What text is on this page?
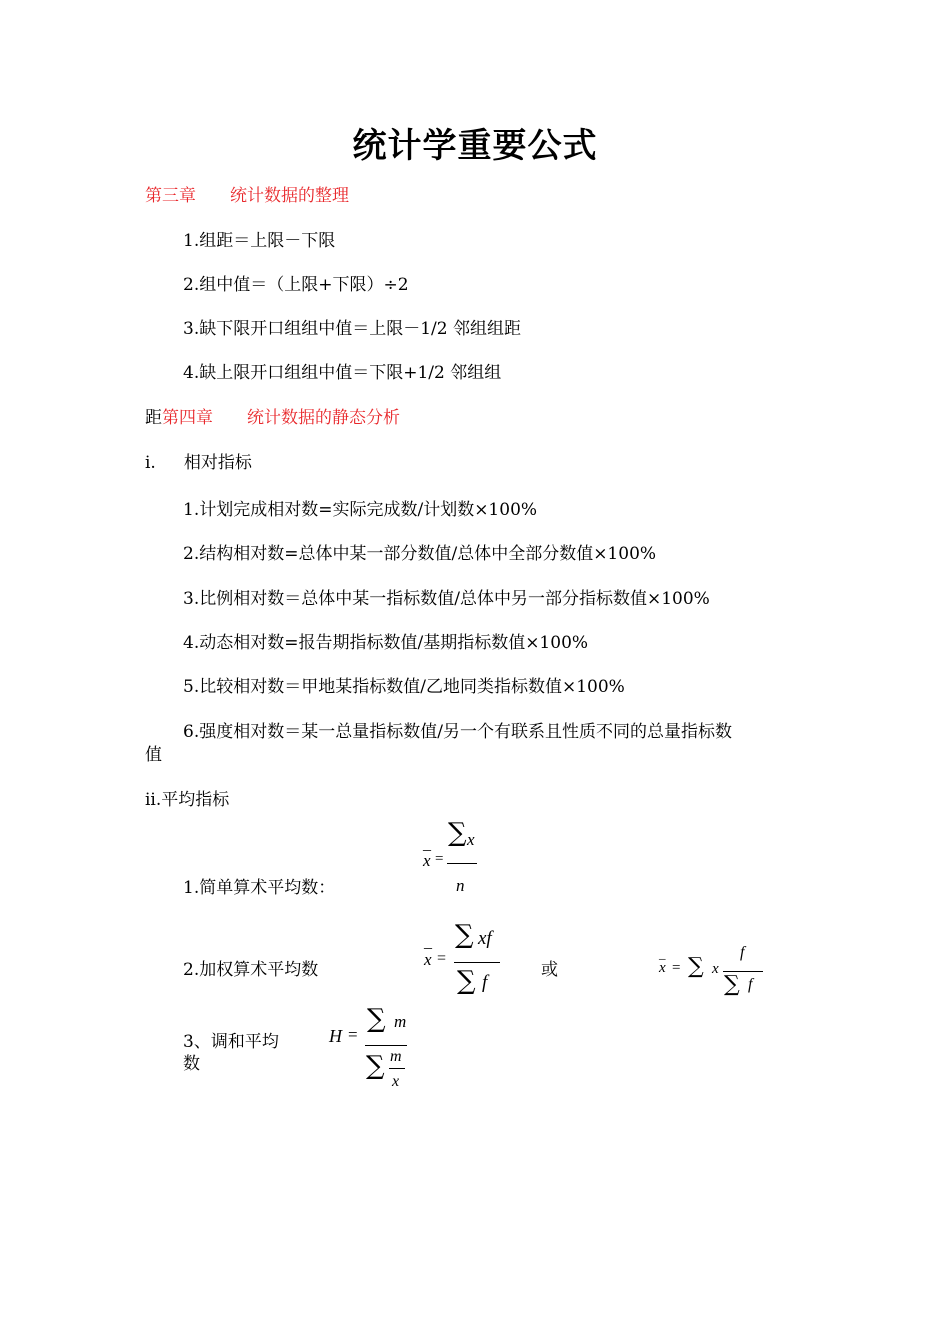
统计学重要公式
第三章 统计数据的整理
1.组距＝上限－下限
2.组中值＝（上限+下限）÷2
3.缺下限开口组组中值＝上限－1/2 邻组组距
4.缺上限开口组组中值＝下限+1/2 邻组组
距第四章 统计数据的静态分析
i. 相对指标
1.计划完成相对数=实际完成数/计划数×100%
2.结构相对数=总体中某一部分数值/总体中全部分数值×100%
3.比例相对数＝总体中某一指标数值/总体中另一部分指标数值×100%
4.动态相对数=报告期指标数值/基期指标数值×100%
5.比较相对数＝甲地某指标数值/乙地同类指标数值×100%
6.强度相对数＝某一总量指标数值/另一个有联系且性质不同的总量指标数
值
ii.平均指标
1.简单算术平均数：
_
x =
∑ x
n
2.加权算术平均数
_
x =
∑ xf
∑ f
或
_
x = ∑ x
f
∑ f
3、调和平均
数
H =
∑ m
∑ m
x
